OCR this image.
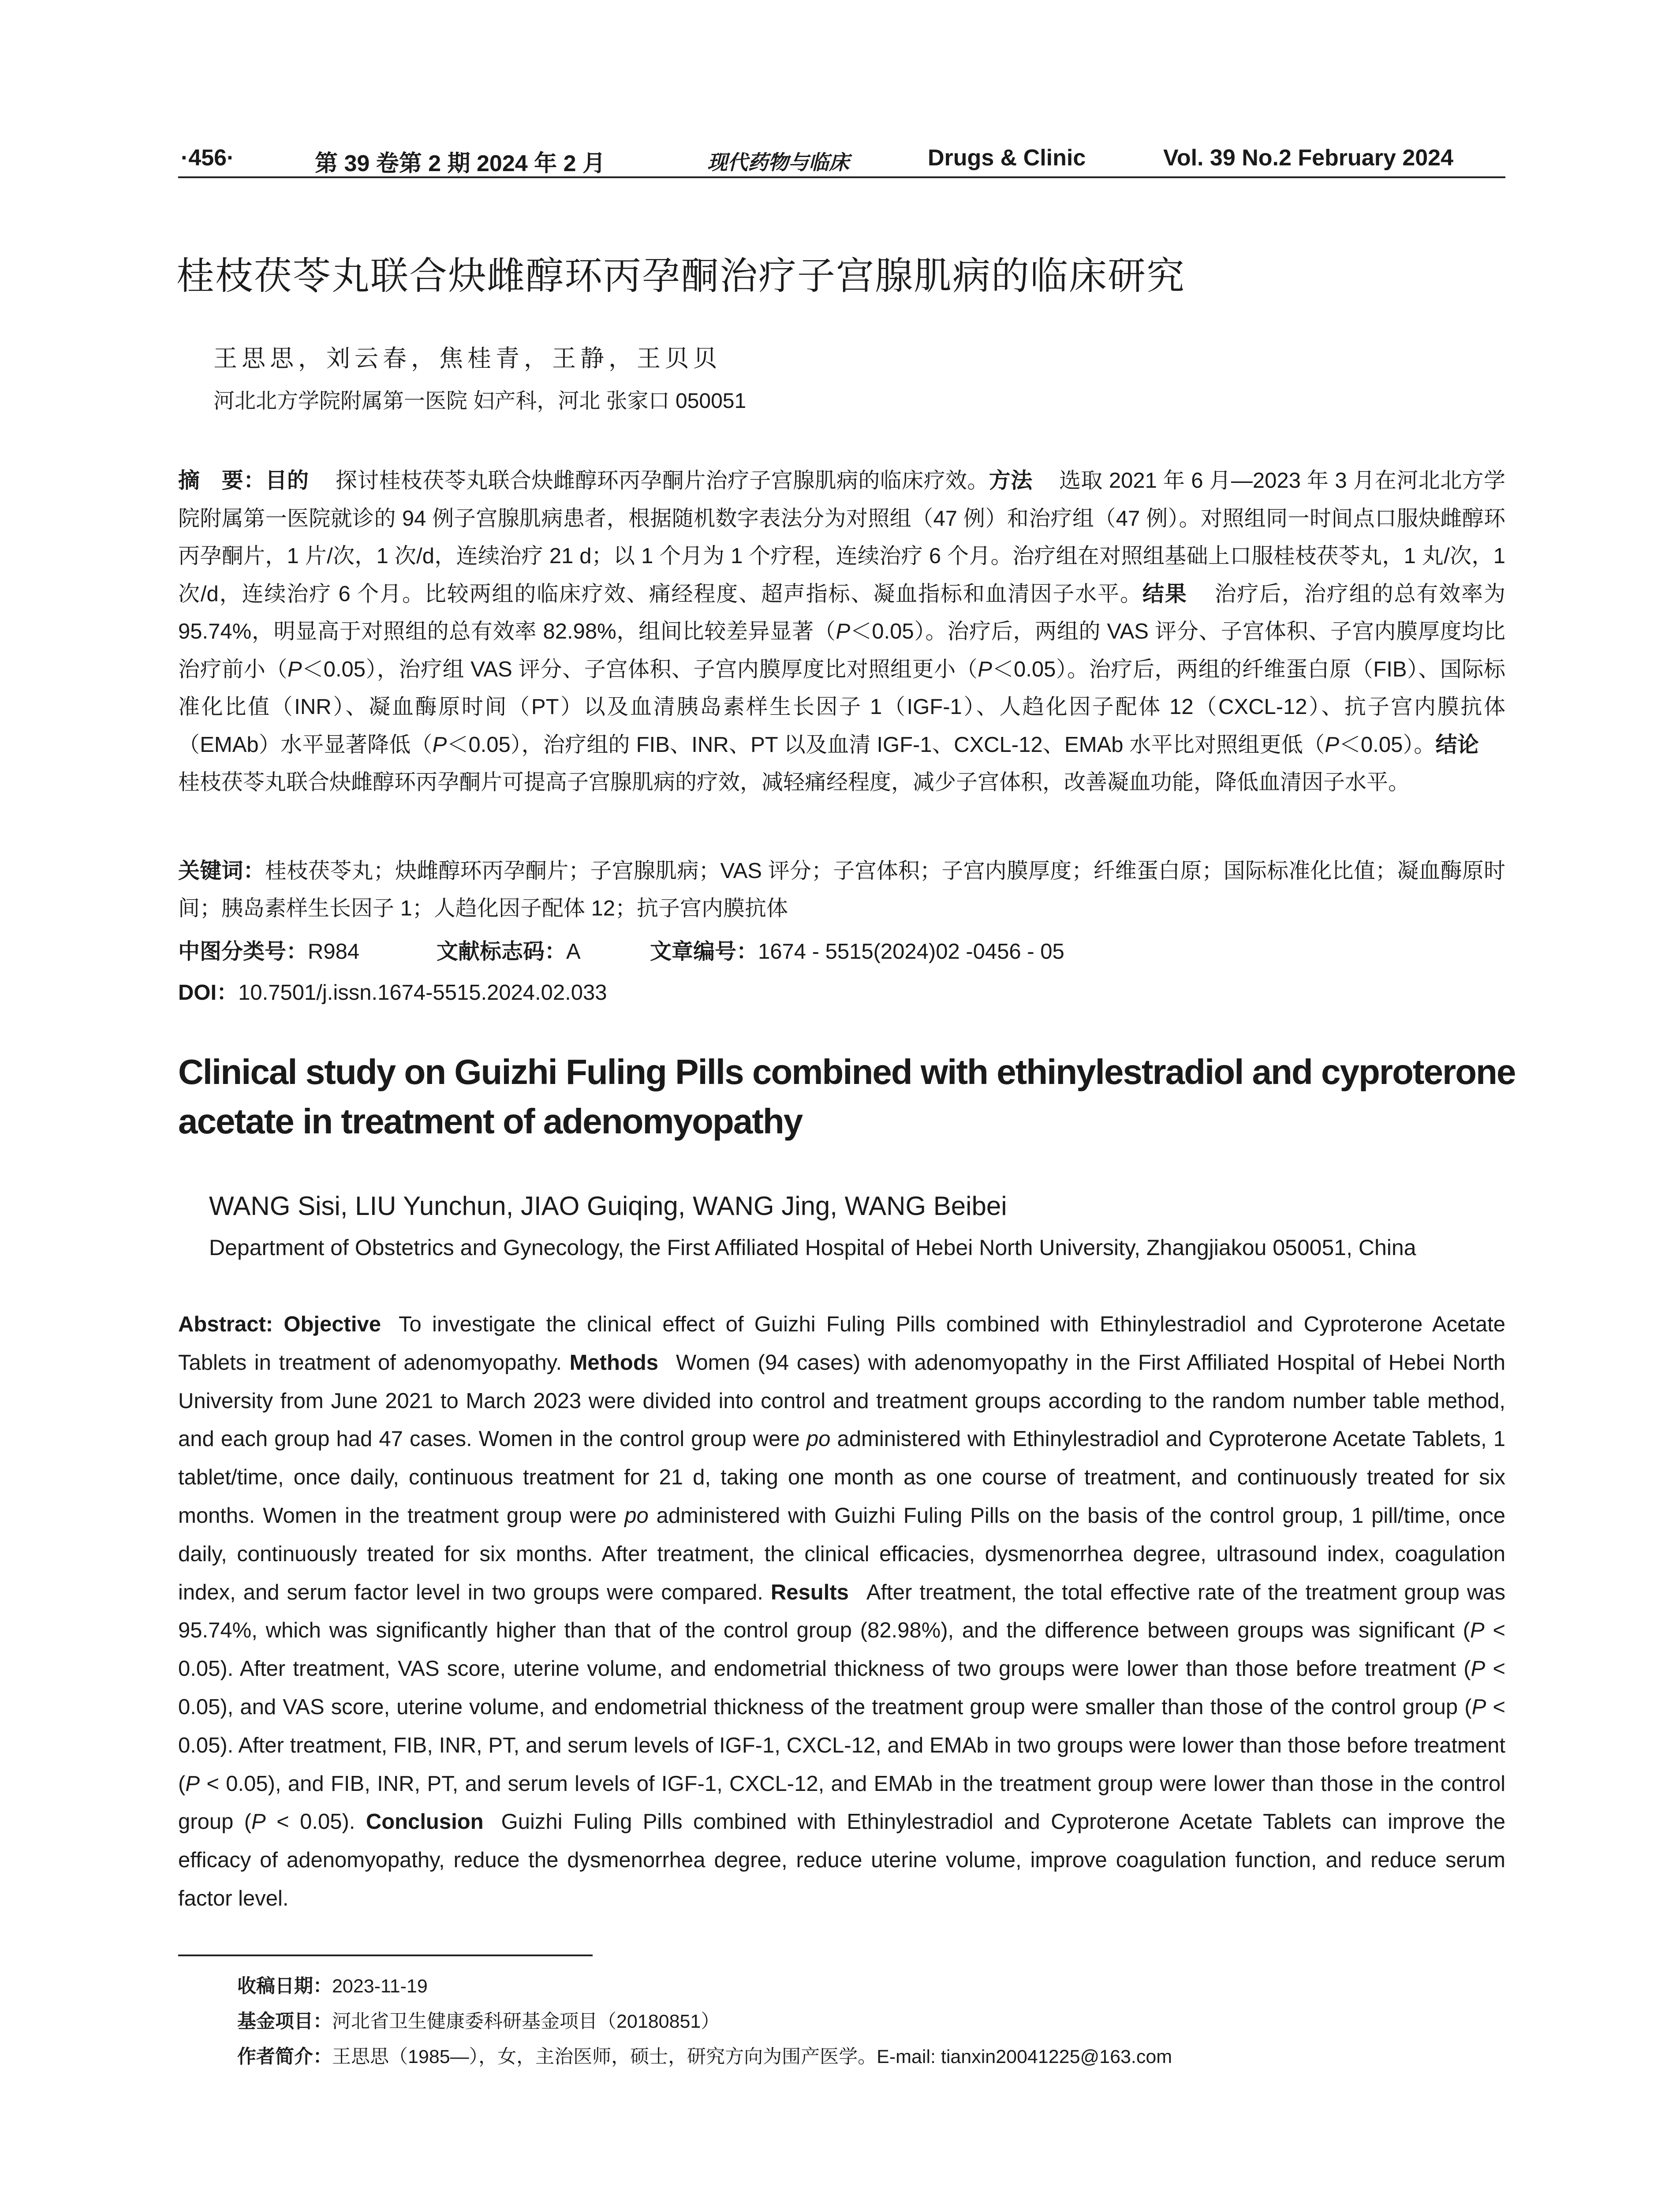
·456·	第 39 卷第 2 期 2024 年 2 月	现代药物与临床	Drugs & Clinic	Vol. 39 No.2 February 2024
桂枝茯苓丸联合炔雌醇环丙孕酮治疗子宫腺肌病的临床研究
王思思，刘云春，焦桂青，王静，王贝贝
河北北方学院附属第一医院 妇产科，河北 张家口 050051
摘　要：目的 探讨桂枝茯苓丸联合炔雌醇环丙孕酮片治疗子宫腺肌病的临床疗效。方法 选取 2021 年 6 月—2023 年 3 月在河北北方学院附属第一医院就诊的 94 例子宫腺肌病患者，根据随机数字表法分为对照组（47 例）和治疗组（47 例）。对照组同一时间点口服炔雌醇环丙孕酮片，1 片/次，1 次/d，连续治疗 21 d；以 1 个月为 1 个疗程，连续治疗 6 个月。治疗组在对照组基础上口服桂枝茯苓丸，1 丸/次，1 次/d，连续治疗 6 个月。比较两组的临床疗效、痛经程度、超声指标、凝血指标和血清因子水平。结果 治疗后，治疗组的总有效率为 95.74%，明显高于对照组的总有效率 82.98%，组间比较差异显著（P＜0.05）。治疗后，两组的 VAS 评分、子宫体积、子宫内膜厚度均比治疗前小（P＜0.05），治疗组 VAS 评分、子宫体积、子宫内膜厚度比对照组更小（P＜0.05）。治疗后，两组的纤维蛋白原（FIB）、国际标准化比值（INR）、凝血酶原时间（PT）以及血清胰岛素样生长因子 1（IGF-1）、人趋化因子配体 12（CXCL-12）、抗子宫内膜抗体（EMAb）水平显著降低（P＜0.05），治疗组的 FIB、INR、PT 以及血清 IGF-1、CXCL-12、EMAb 水平比对照组更低（P＜0.05）。结论桂枝茯苓丸联合炔雌醇环丙孕酮片可提高子宫腺肌病的疗效，减轻痛经程度，减少子宫体积，改善凝血功能，降低血清因子水平。
关键词：桂枝茯苓丸；炔雌醇环丙孕酮片；子宫腺肌病；VAS 评分；子宫体积；子宫内膜厚度；纤维蛋白原；国际标准化比值；凝血酶原时间；胰岛素样生长因子 1；人趋化因子配体 12；抗子宫内膜抗体
中图分类号：R984	文献标志码：A	文章编号：1674 - 5515(2024)02 -0456 - 05
DOI：10.7501/j.issn.1674-5515.2024.02.033
Clinical study on Guizhi Fuling Pills combined with ethinylestradiol and cyproterone acetate in treatment of adenomyopathy
WANG Sisi, LIU Yunchun, JIAO Guiqing, WANG Jing, WANG Beibei
Department of Obstetrics and Gynecology, the First Affiliated Hospital of Hebei North University, Zhangjiakou 050051, China
Abstract: Objective To investigate the clinical effect of Guizhi Fuling Pills combined with Ethinylestradiol and Cyproterone Acetate Tablets in treatment of adenomyopathy. Methods Women (94 cases) with adenomyopathy in the First Affiliated Hospital of Hebei North University from June 2021 to March 2023 were divided into control and treatment groups according to the random number table method, and each group had 47 cases. Women in the control group were po administered with Ethinylestradiol and Cyproterone Acetate Tablets, 1 tablet/time, once daily, continuous treatment for 21 d, taking one month as one course of treatment, and continuously treated for six months. Women in the treatment group were po administered with Guizhi Fuling Pills on the basis of the control group, 1 pill/time, once daily, continuously treated for six months. After treatment, the clinical efficacies, dysmenorrhea degree, ultrasound index, coagulation index, and serum factor level in two groups were compared. Results After treatment, the total effective rate of the treatment group was 95.74%, which was significantly higher than that of the control group (82.98%), and the difference between groups was significant (P < 0.05). After treatment, VAS score, uterine volume, and endometrial thickness of two groups were lower than those before treatment (P < 0.05), and VAS score, uterine volume, and endometrial thickness of the treatment group were smaller than those of the control group (P < 0.05). After treatment, FIB, INR, PT, and serum levels of IGF-1, CXCL-12, and EMAb in two groups were lower than those before treatment (P < 0.05), and FIB, INR, PT, and serum levels of IGF-1, CXCL-12, and EMAb in the treatment group were lower than those in the control group (P < 0.05). Conclusion Guizhi Fuling Pills combined with Ethinylestradiol and Cyproterone Acetate Tablets can improve the efficacy of adenomyopathy, reduce the dysmenorrhea degree, reduce uterine volume, improve coagulation function, and reduce serum factor level.
收稿日期：2023-11-19
基金项目：河北省卫生健康委科研基金项目（20180851）
作者简介：王思思（1985—），女，主治医师，硕士，研究方向为围产医学。E-mail: tianxin20041225@163.com
